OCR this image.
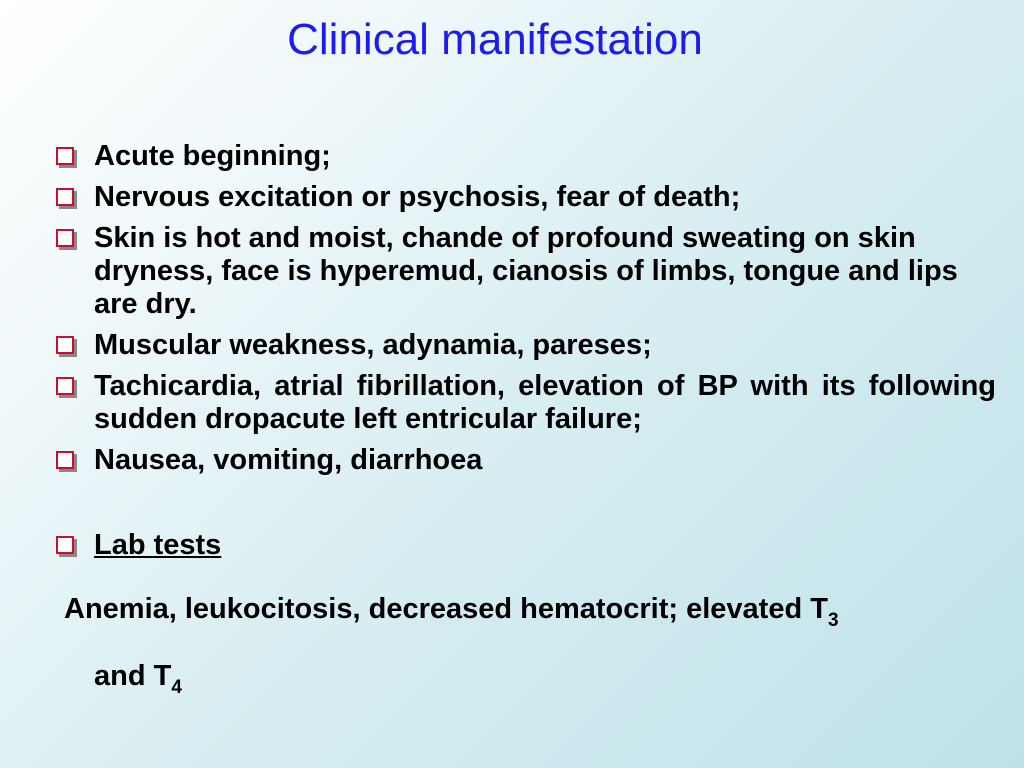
Clinical manifestation
Acute beginning;
Nervous excitation or psychosis, fear of death;
Skin is hot and moist, chande of profound sweating on skin dryness, face is hyperemud, cianosis of limbs, tongue and lips are dry.
Muscular weakness, adynamia, pareses;
Tachicardia, atrial fibrillation, elevation of BP with its following sudden dropacute left entricular failure;
Nausea, vomiting, diarrhoea
Lab tests
Anemia, leukocitosis, decreased hematocrit; elevated $T_3$
and $T_4$
